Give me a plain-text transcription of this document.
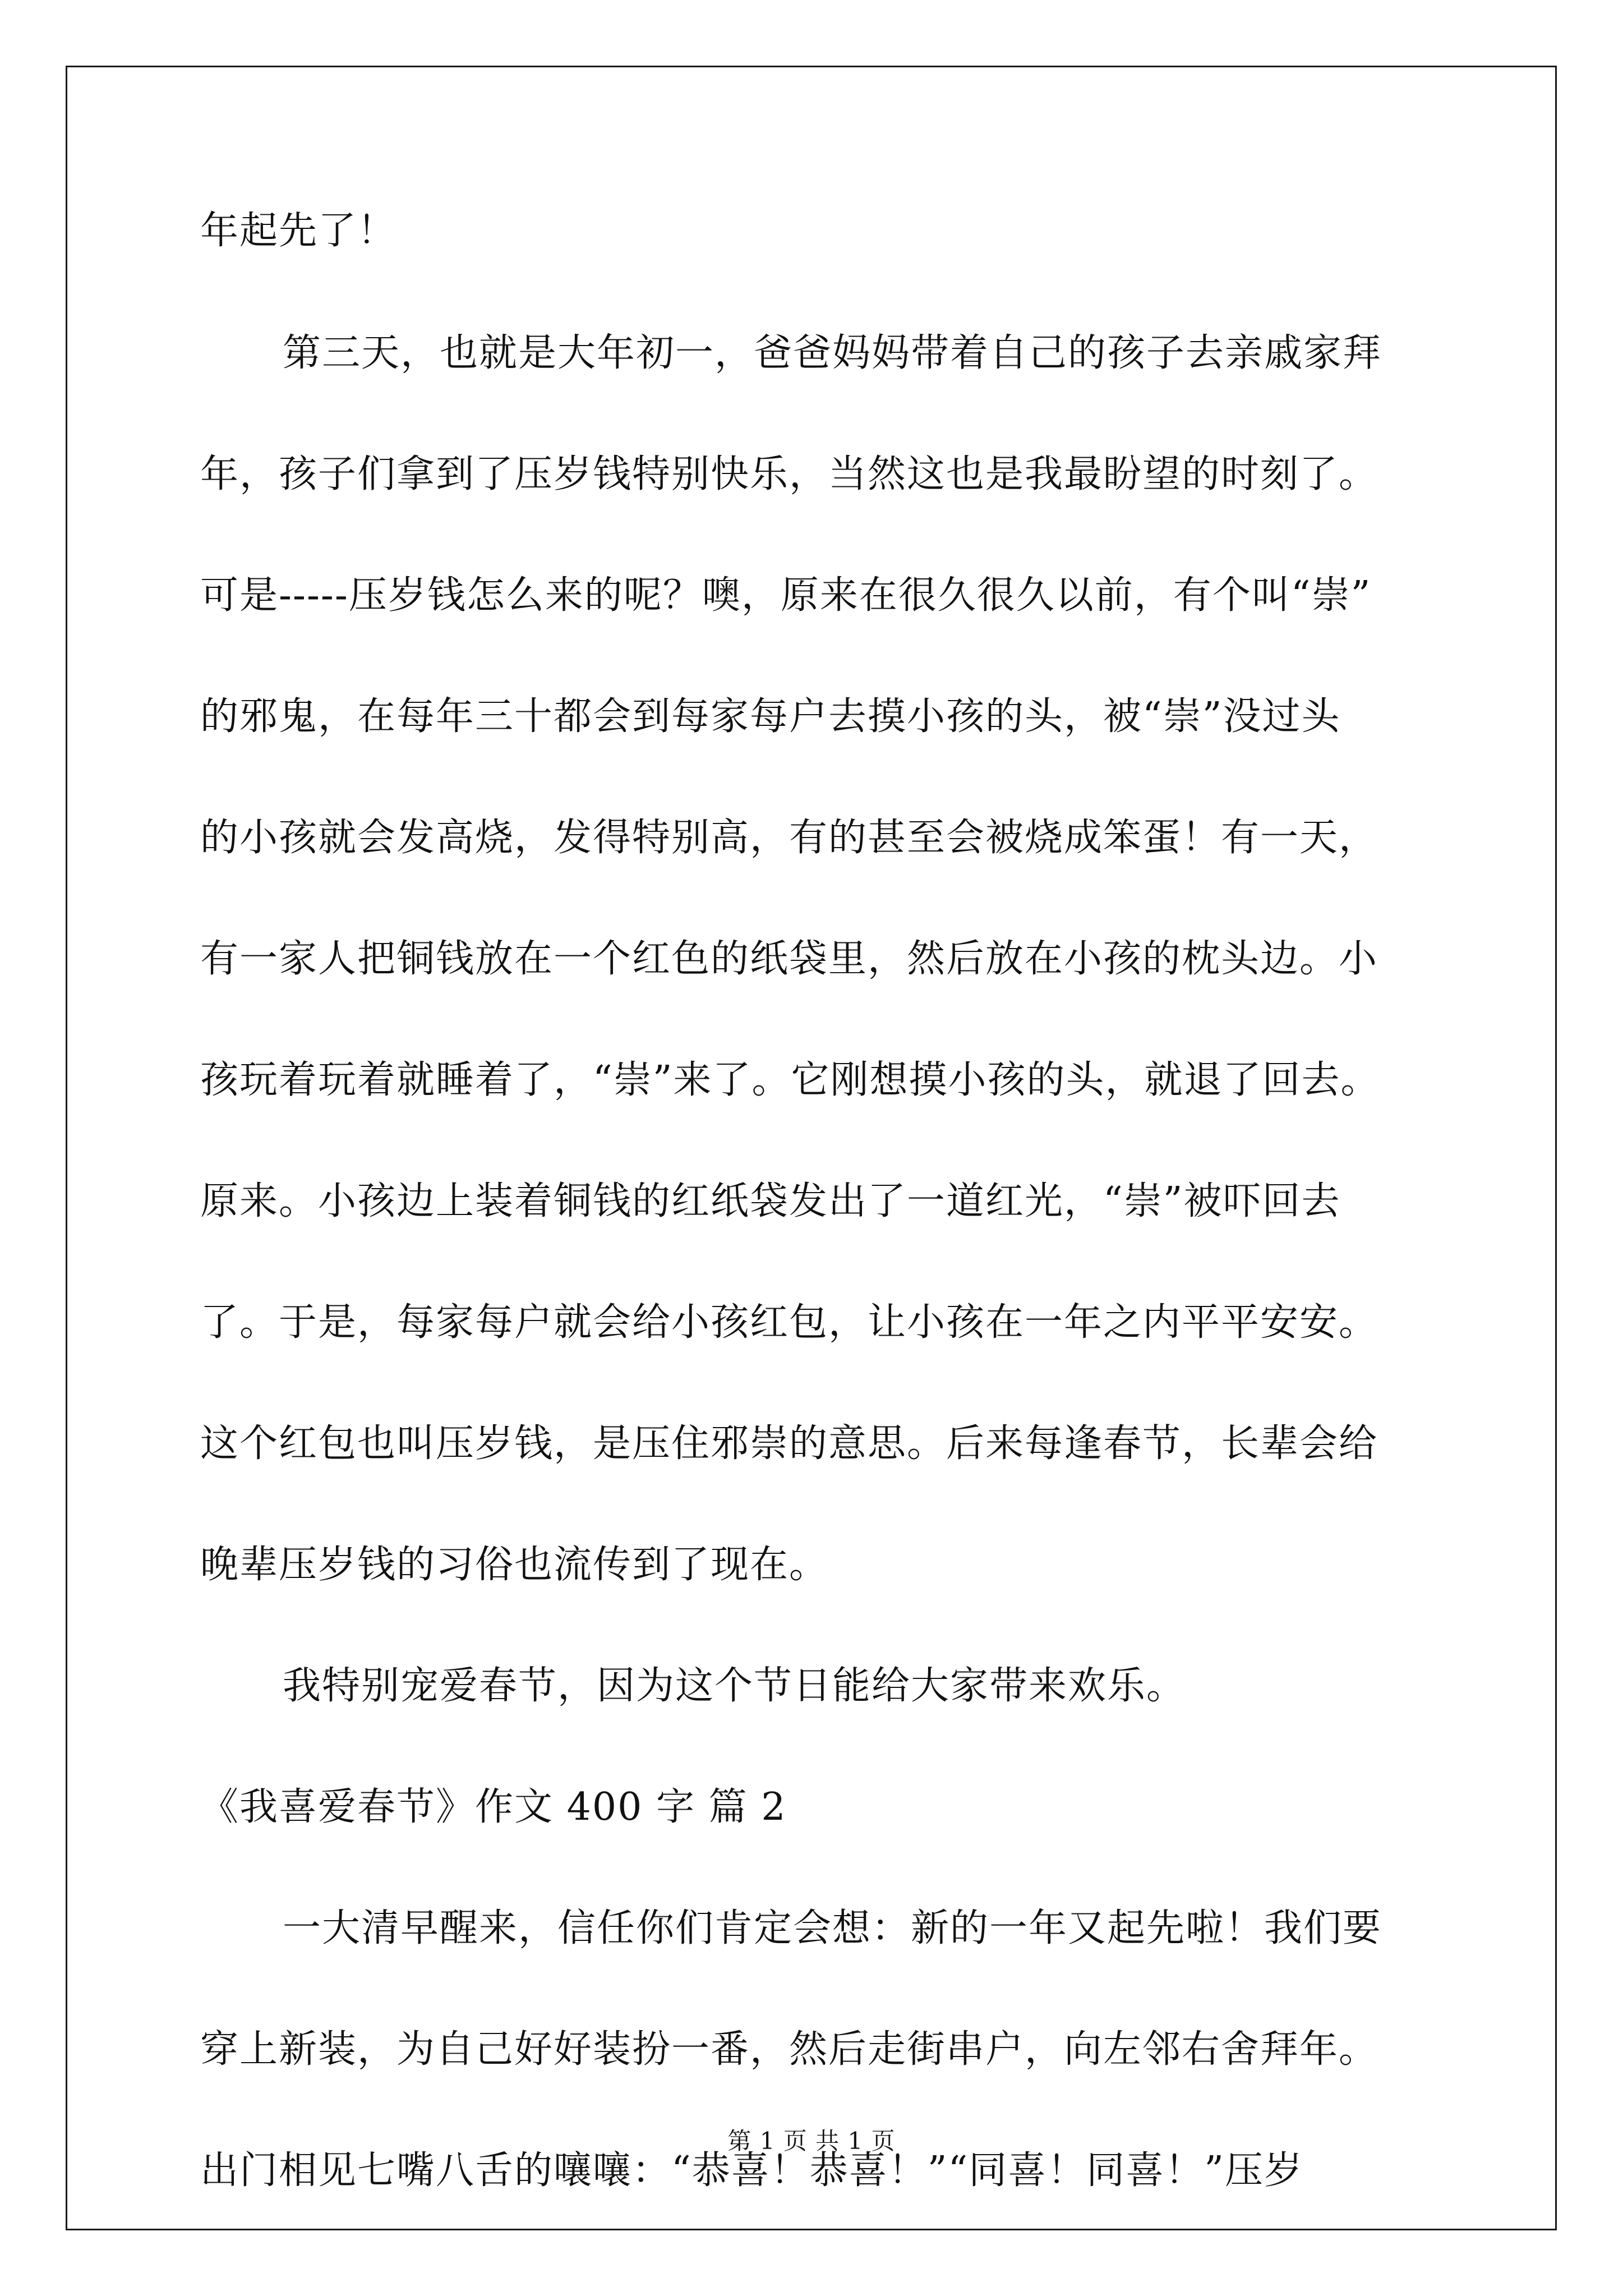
年起先了！
第三天，也就是大年初一，爸爸妈妈带着自己的孩子去亲戚家拜
年，孩子们拿到了压岁钱特别快乐，当然这也是我最盼望的时刻了。
可是-----压岁钱怎么来的呢？噢，原来在很久很久以前，有个叫“崇”
的邪鬼，在每年三十都会到每家每户去摸小孩的头，被“崇”没过头
的小孩就会发高烧，发得特别高，有的甚至会被烧成笨蛋！有一天，
有一家人把铜钱放在一个红色的纸袋里，然后放在小孩的枕头边。小
孩玩着玩着就睡着了，“崇”来了。它刚想摸小孩的头，就退了回去。
原来。小孩边上装着铜钱的红纸袋发出了一道红光，“崇”被吓回去
了。于是，每家每户就会给小孩红包，让小孩在一年之内平平安安。
这个红包也叫压岁钱，是压住邪崇的意思。后来每逢春节，长辈会给
晚辈压岁钱的习俗也流传到了现在。
我特别宠爱春节，因为这个节日能给大家带来欢乐。
《我喜爱春节》作文 400 字 篇 2
一大清早醒来，信任你们肯定会想：新的一年又起先啦！我们要
穿上新装，为自己好好装扮一番，然后走街串户，向左邻右舍拜年。
出门相见七嘴八舌的嚷嚷：“恭喜！恭喜！”“同喜！同喜！”压岁
第 1 页 共 1 页
